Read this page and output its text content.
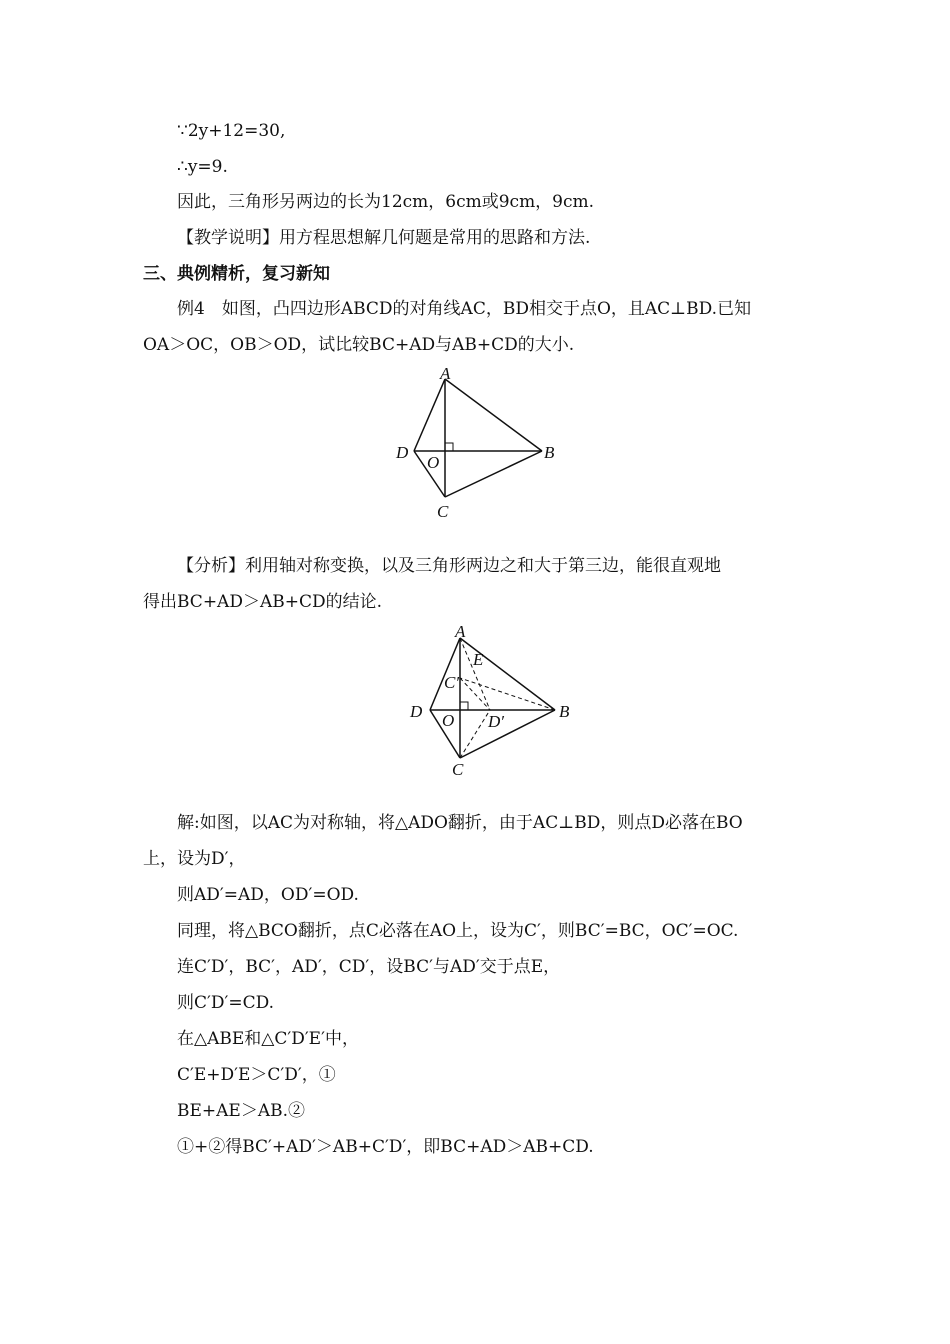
∵2y+12=30,
∴y=9.
因此，三角形另两边的长为12cm，6cm或9cm，9cm.
【教学说明】用方程思想解几何题是常用的思路和方法.
三、典例精析，复习新知
例4　如图，凸四边形ABCD的对角线AC，BD相交于点O，且AC⊥BD.已知
OA＞OC，OB＞OD，试比较BC+AD与AB+CD的大小.
A
B
C
D
O
【分析】利用轴对称变换，以及三角形两边之和大于第三边，能很直观地
得出BC+AD＞AB+CD的结论.
A
B
C
D O
E
C′
D′
解:如图，以AC为对称轴，将△ADO翻折，由于AC⊥BD，则点D必落在BO
上，设为D′，
则AD′=AD，OD′=OD.
同理，将△BCO翻折，点C必落在AO上，设为C′，则BC′=BC，OC′=OC.
连C′D′，BC′，AD′，CD′，设BC′与AD′交于点E，
则C′D′=CD.
在△ABE和△C′D′E′中，
C′E+D′E＞C′D′，①
BE+AE＞AB.②
①+②得BC′+AD′＞AB+C′D′，即BC+AD＞AB+CD.
